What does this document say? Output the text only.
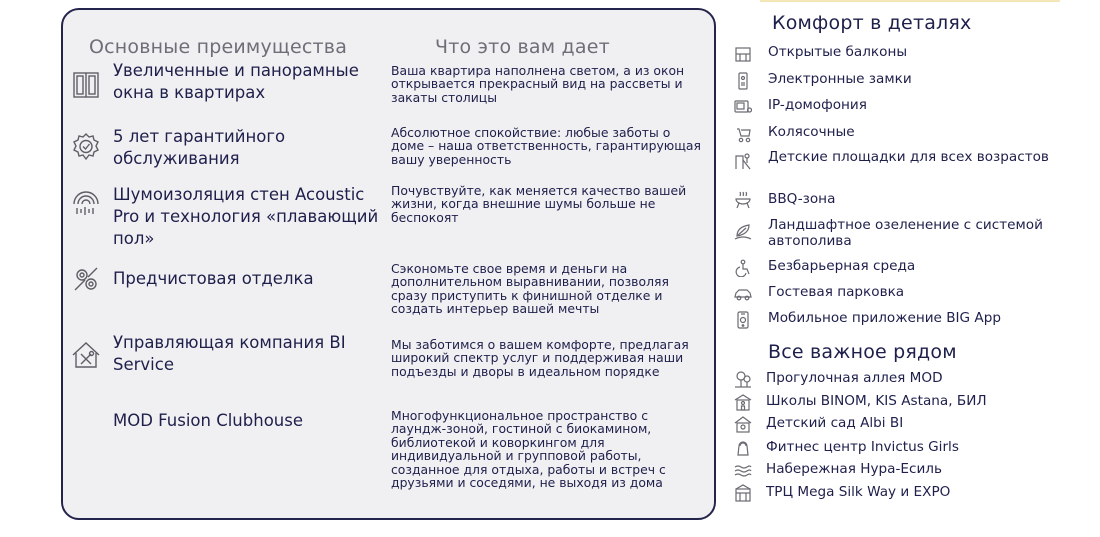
Основные преимущества	Что это вам дает
Увеличенные и панорамные окна в квартирах
Ваша квартира наполнена светом, а из окон открывается прекрасный вид на рассветы и закаты столицы
5 лет гарантийного обслуживания
Абсолютное спокойствие: любые заботы о доме – наша ответственность, гарантирующая вашу уверенность
Шумоизоляция стен Acoustic Pro и технология «плавающий пол»
Почувствуйте, как меняется качество вашей жизни, когда внешние шумы больше не беспокоят
Предчистовая отделка
Сэкономьте свое время и деньги на дополнительном выравнивании, позволяя сразу приступить к финишной отделке и создать интерьер вашей мечты
Управляющая компания BI Service
Мы заботимся о вашем комфорте, предлагая широкий спектр услуг и поддерживая наши подъезды и дворы в идеальном порядке
MOD Fusion Clubhouse	Многофункциональное пространство с лаундж-зоной, гостиной с биокамином, библиотекой и коворкингом для индивидуальной и групповой работы, созданное для отдыха, работы и встреч с друзьями и соседями, не выходя из дома
Комфорт в деталях
Открытые балконы
Электронные замки
IP-домофония
Колясочные
Детские площадки для всех возрастов
BBQ-зона
Ландшафтное озеленение с системой автополива
Безбарьерная среда
Гостевая парковка
Мобильное приложение BIG App
Все важное рядом
Прогулочная аллея MOD
Школы BINOM, KIS Astana, БИЛ
Детский сад Albi BI
Фитнес центр Invictus Girls
Набережная Нура-Есиль
ТРЦ Mega Silk Way и EXPO
